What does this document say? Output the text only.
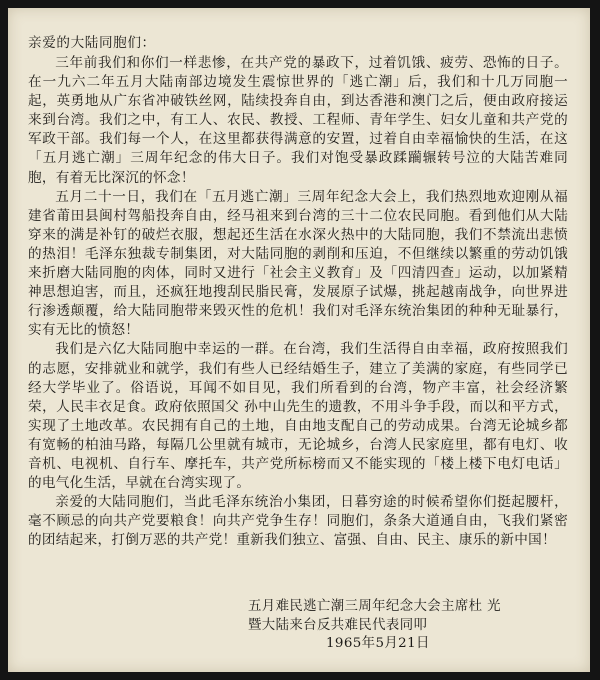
亲爱的大陆同胞们：

三年前我们和你们一样悲惨，在共产党的暴政下，过着饥饿、疲劳、恐怖的日子。在一九六二年五月大陆南部边境发生震惊世界的「逃亡潮」后，我们和十几万同胞一起，英勇地从广东省冲破铁丝网，陆续投奔自由，到达香港和澳门之后，便由政府接运来到台湾。我们之中，有工人、农民、教授、工程师、青年学生、妇女儿童和共产党的军政干部。我们每一个人，在这里都获得满意的安置，过着自由幸福愉快的生活，在这「五月逃亡潮」三周年纪念的伟大日子。我们对饱受暴政蹂躏辗转号泣的大陆苦难同胞，有着无比深沉的怀念！

五月二十一日，我们在「五月逃亡潮」三周年纪念大会上，我们热烈地欢迎刚从福建省莆田县闽村驾船投奔自由，经马祖来到台湾的三十二位农民同胞。看到他们从大陆穿来的满是补钉的破烂衣服，想起还生活在水深火热中的大陆同胞，我们不禁流出悲愤的热泪！毛泽东独裁专制集团，对大陆同胞的剥削和压迫，不但继续以繁重的劳动饥饿来折磨大陆同胞的肉体，同时又进行「社会主义教育」及「四清四查」运动，以加紧精神思想迫害，而且，还疯狂地搜刮民脂民膏，发展原子试爆，挑起越南战争，向世界进行渗透颠覆，给大陆同胞带来毁灭性的危机！我们对毛泽东统治集团的种种无耻暴行，实有无比的愤怒！

我们是六亿大陆同胞中幸运的一群。在台湾，我们生活得自由幸福，政府按照我们的志愿，安排就业和就学，我们有些人已经结婚生子，建立了美满的家庭，有些同学已经大学毕业了。俗语说，耳闻不如目见，我们所看到的台湾，物产丰富，社会经济繁荣，人民丰衣足食。政府依照国父 孙中山先生的遗教，不用斗争手段，而以和平方式，实现了土地改革。农民拥有自己的土地，自由地支配自己的劳动成果。台湾无论城乡都有宽畅的柏油马路，每隔几公里就有城市，无论城乡，台湾人民家庭里，都有电灯、收音机、电视机、自行车、摩托车，共产党所标榜而又不能实现的「楼上楼下电灯电话」的电气化生活，早就在台湾实现了。

亲爱的大陆同胞们，当此毛泽东统治小集团，日暮穷途的时候希望你们挺起腰杆，毫不顾忌的向共产党要粮食！向共产党争生存！同胞们，条条大道通自由，飞我们紧密的团结起来，打倒万恶的共产党！重新我们独立、富强、自由、民主、康乐的新中国！

五月难民逃亡潮三周年纪念大会主席杜 光
暨大陆来台反共难民代表同叩
1965年5月21日
